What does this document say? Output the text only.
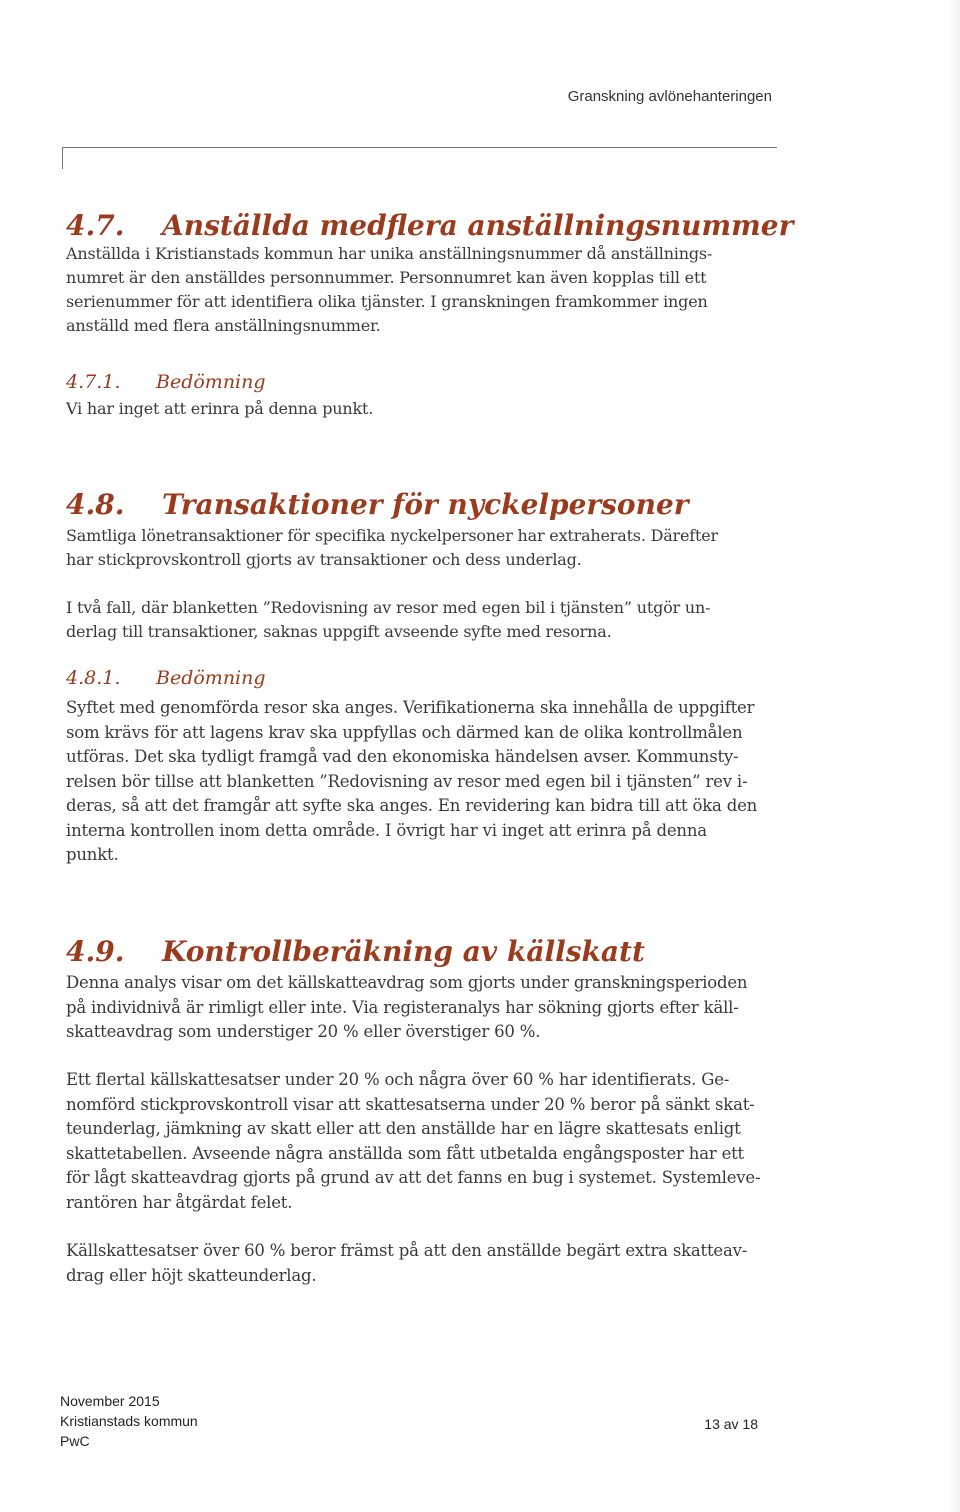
Granskning avlönehanteringen
4.7. Anställda medflera anställningsnummer

Anställda i Kristianstads kommun har unika anställningsnummer då anställnings-

numret är den anställdes personnummer. Personnumret kan även kopplas till ett

serienummer för att identifiera olika tjänster. I granskningen framkommer ingen

anställd med flera anställningsnummer.

4.7.1. Bedömning

Vi har inget att erinra på denna punkt.

4.8. Transaktioner för nyckelpersoner

Samtliga lönetransaktioner för specifika nyckelpersoner har extraherats. Därefter

har stickprovskontroll gjorts av transaktioner och dess underlag.

I två fall, där blanketten ”Redovisning av resor med egen bil i tjänsten” utgör un-

derlag till transaktioner, saknas uppgift avseende syfte med resorna.

4.8.1. Bedömning

Syftet med genomförda resor ska anges. Verifikationerna ska innehålla de uppgifter

som krävs för att lagens krav ska uppfyllas och därmed kan de olika kontrollmålen

utföras. Det ska tydligt framgå vad den ekonomiska händelsen avser. Kommunsty-

relsen bör tillse att blanketten ”Redovisning av resor med egen bil i tjänsten” rev i-

deras, så att det framgår att syfte ska anges. En revidering kan bidra till att öka den

interna kontrollen inom detta område. I övrigt har vi inget att erinra på denna

punkt.

4.9. Kontrollberäkning av källskatt

Denna analys visar om det källskatteavdrag som gjorts under granskningsperioden

på individnivå är rimligt eller inte. Via registeranalys har sökning gjorts efter käll-

skatteavdrag som understiger 20 % eller överstiger 60 %.

Ett flertal källskattesatser under 20 % och några över 60 % har identifierats. Ge-

nomförd stickprovskontroll visar att skattesatserna under 20 % beror på sänkt skat-

teunderlag, jämkning av skatt eller att den anställde har en lägre skattesats enligt

skattetabellen. Avseende några anställda som fått utbetalda engångsposter har ett

för lågt skatteavdrag gjorts på grund av att det fanns en bug i systemet. Systemleve-

rantören har åtgärdat felet.

Källskattesatser över 60 % beror främst på att den anställde begärt extra skatteav-

drag eller höjt skatteunderlag.

November 2015
Kristianstads kommun
PwC
13 av 18
